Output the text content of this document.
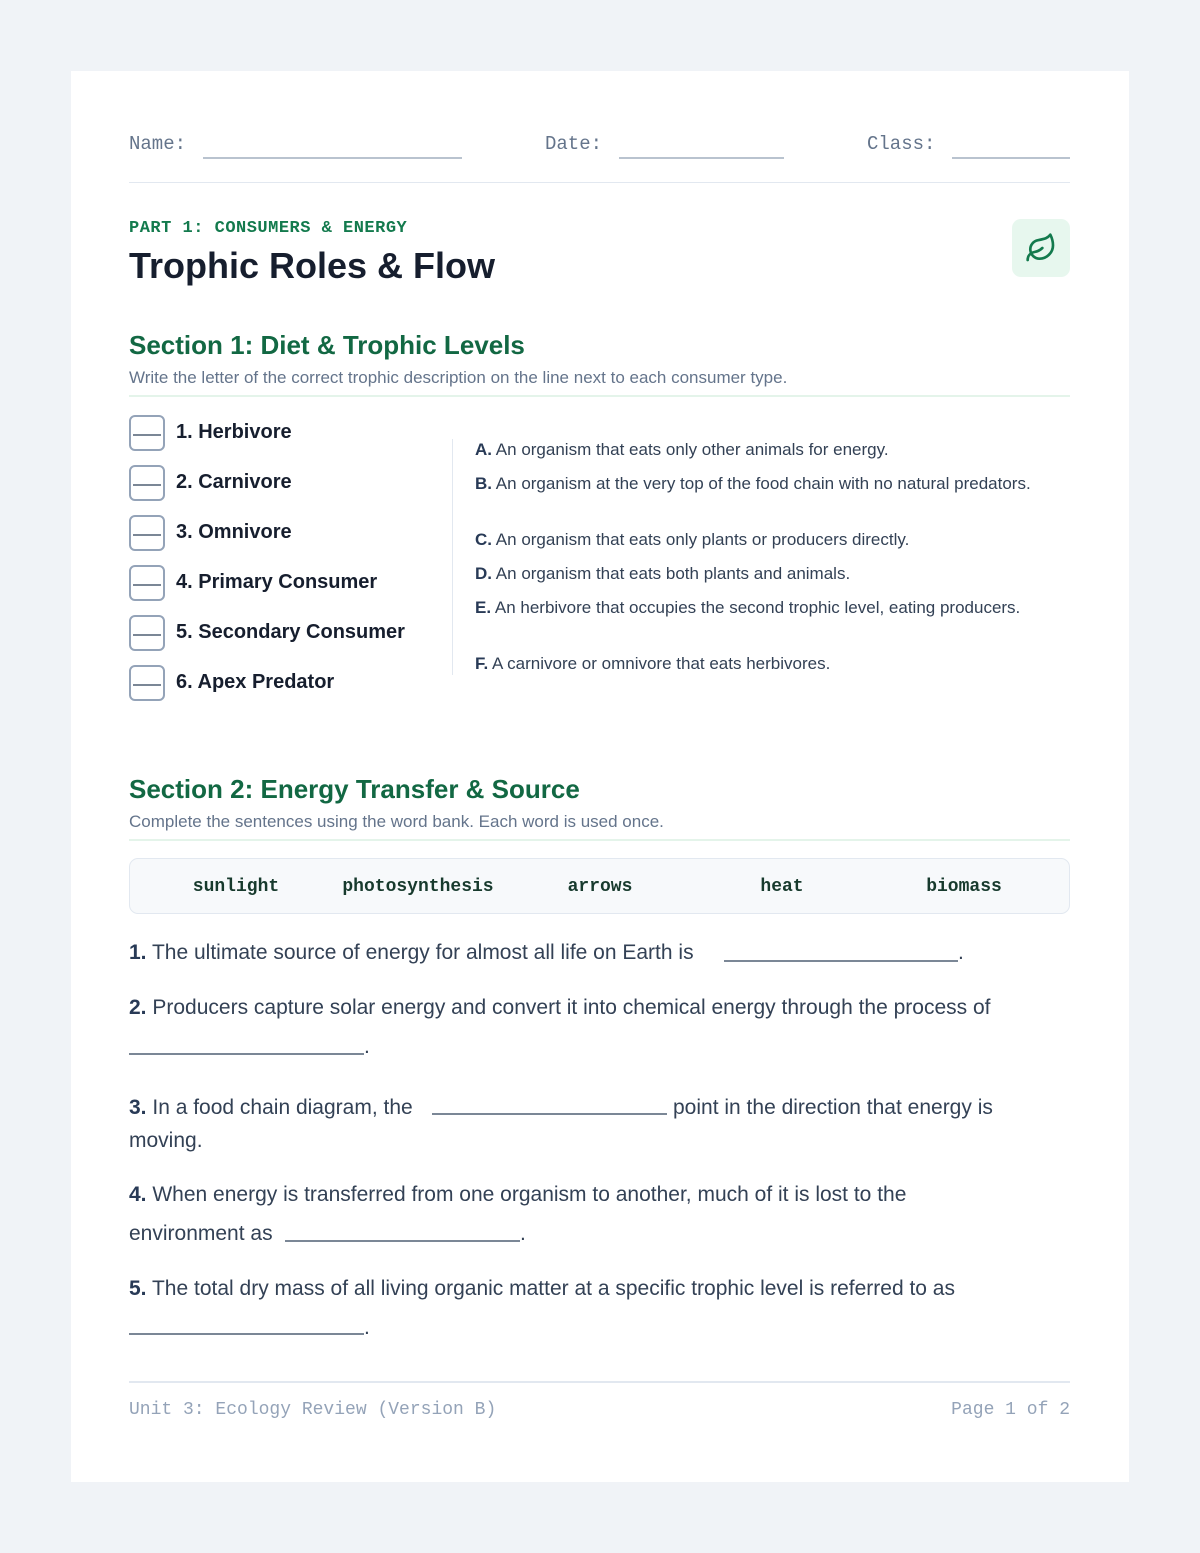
Name:	Date:	Class:
PART 1: CONSUMERS & ENERGY
Trophic Roles & Flow
Section 1: Diet & Trophic Levels
Write the letter of the correct trophic description on the line next to each consumer type.
1. Herbivore
2. Carnivore
3. Omnivore
4. Primary Consumer
5. Secondary Consumer
6. Apex Predator
A. An organism that eats only other animals for energy.
B. An organism at the very top of the food chain with no natural predators.
C. An organism that eats only plants or producers directly.
D. An organism that eats both plants and animals.
E. An herbivore that occupies the second trophic level, eating producers.
F. A carnivore or omnivore that eats herbivores.
Section 2: Energy Transfer & Source
Complete the sentences using the word bank. Each word is used once.
sunlight	photosynthesis	arrows	heat	biomass
1. The ultimate source of energy for almost all life on Earth is	.
2. Producers capture solar energy and convert it into chemical energy through the process of
.
3. In a food chain diagram, the	point in the direction that energy is
moving.
4. When energy is transferred from one organism to another, much of it is lost to the
environment as	.
5. The total dry mass of all living organic matter at a specific trophic level is referred to as
.
Unit 3: Ecology Review (Version B)	Page 1 of 2
